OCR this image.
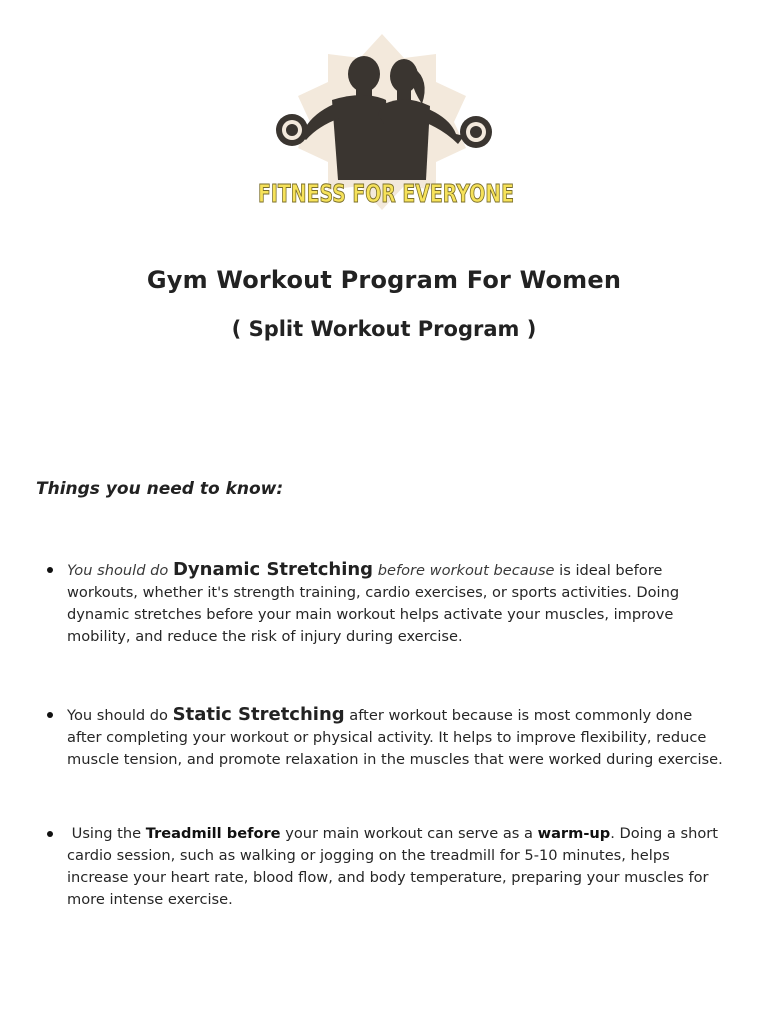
FITNESS FOR EVERYONE
Gym Workout Program For Women
( Split Workout Program )
Things you need to know:
You should do Dynamic Stretching before workout because is ideal before workouts, whether it's strength training, cardio exercises, or sports activities. Doing dynamic stretches before your main workout helps activate your muscles, improve mobility, and reduce the risk of injury during exercise.
You should do Static Stretching after workout because is most commonly done after completing your workout or physical activity. It helps to improve flexibility, reduce muscle tension, and promote relaxation in the muscles that were worked during exercise.
Using the Treadmill before your main workout can serve as a warm-up. Doing a short cardio session, such as walking or jogging on the treadmill for 5-10 minutes, helps increase your heart rate, blood flow, and body temperature, preparing your muscles for more intense exercise.
